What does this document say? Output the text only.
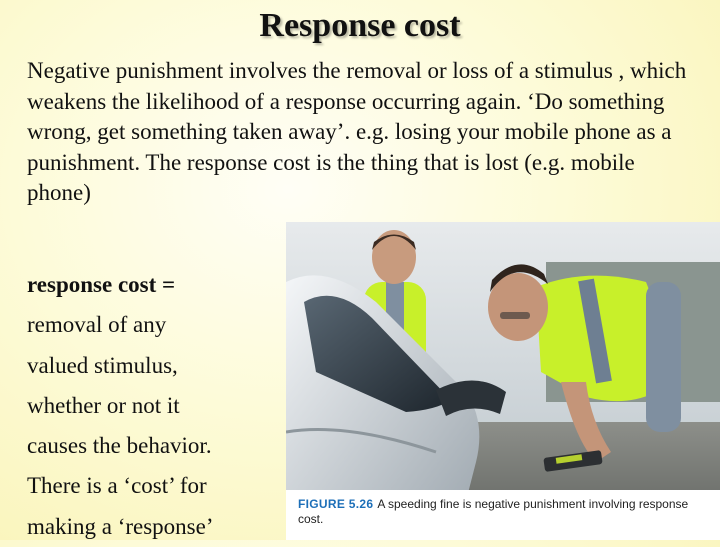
Response cost

Negative punishment involves the removal or loss of a stimulus , which weakens the likelihood of a response occurring again. ‘Do something wrong, get something taken away’. e.g. losing your mobile phone as a punishment. The response cost is the thing that is lost (e.g. mobile phone)

response cost =
removal of any
valued stimulus,
whether or not it
causes the behavior.
There is a ‘cost’ for
making a ‘response’
FIGURE 5.26 A speeding fine is negative punishment involving response cost.
